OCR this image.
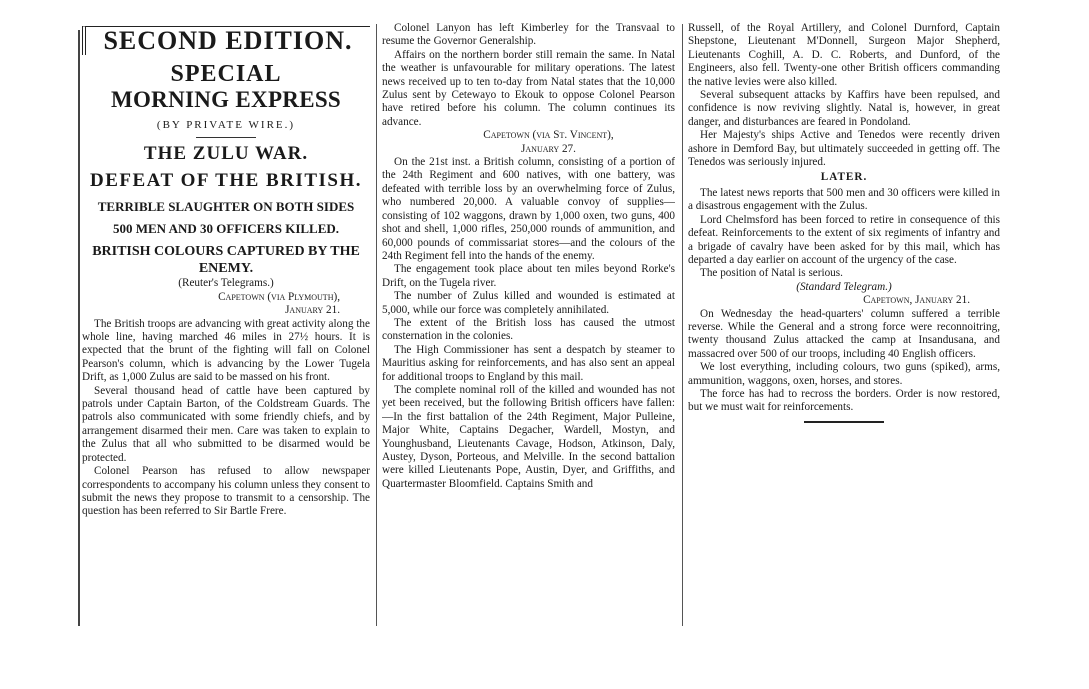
SECOND EDITION.
SPECIAL
MORNING EXPRESS
(BY PRIVATE WIRE.)
THE ZULU WAR.
DEFEAT OF THE BRITISH.
TERRIBLE SLAUGHTER ON BOTH SIDES
500 MEN AND 30 OFFICERS KILLED.
BRITISH COLOURS CAPTURED BY THE ENEMY.

(Reuter's Telegrams.)

Capetown (via Plymouth),

January 21.

The British troops are advancing with great activity along the whole line, having marched 46 miles in 27½ hours. It is expected that the brunt of the fighting will fall on Colonel Pearson's column, which is advancing by the Lower Tugela Drift, as 1,000 Zulus are said to be massed on his front.

Several thousand head of cattle have been captured by patrols under Captain Barton, of the Coldstream Guards. The patrols also communicated with some friendly chiefs, and by arrangement disarmed their men. Care was taken to explain to the Zulus that all who submitted to be disarmed would be protected.

Colonel Pearson has refused to allow newspaper correspondents to accompany his column unless they consent to submit the news they propose to transmit to a censorship. The question has been referred to Sir Bartle Frere.

Colonel Lanyon has left Kimberley for the Transvaal to resume the Governor Generalship.

Affairs on the northern border still remain the same. In Natal the weather is unfavourable for military operations. The latest news received up to ten to-day from Natal states that the 10,000 Zulus sent by Cetewayo to Ekouk to oppose Colonel Pearson have retired before his column. The column continues its advance.

Capetown (via St. Vincent),

January 27.

On the 21st inst. a British column, consisting of a portion of the 24th Regiment and 600 natives, with one battery, was defeated with terrible loss by an overwhelming force of Zulus, who numbered 20,000. A valuable convoy of supplies—consisting of 102 waggons, drawn by 1,000 oxen, two guns, 400 shot and shell, 1,000 rifles, 250,000 rounds of ammunition, and 60,000 pounds of commissariat stores—and the colours of the 24th Regiment fell into the hands of the enemy.

The engagement took place about ten miles beyond Rorke's Drift, on the Tugela river.

The number of Zulus killed and wounded is estimated at 5,000, while our force was completely annihilated.

The extent of the British loss has caused the utmost consternation in the colonies.

The High Commissioner has sent a despatch by steamer to Mauritius asking for reinforcements, and has also sent an appeal for additional troops to England by this mail.

The complete nominal roll of the killed and wounded has not yet been received, but the following British officers have fallen:—In the first battalion of the 24th Regiment, Major Pulleine, Major White, Captains Degacher, Wardell, Mostyn, and Younghusband, Lieutenants Cavage, Hodson, Atkinson, Daly, Austey, Dyson, Porteous, and Melville. In the second battalion were killed Lieutenants Pope, Austin, Dyer, and Griffiths, and Quartermaster Bloomfield. Captains Smith and

Russell, of the Royal Artillery, and Colonel Durnford, Captain Shepstone, Lieutenant M'Donnell, Surgeon Major Shepherd, Lieutenants Coghill, A. D. C. Roberts, and Dunford, of the Engineers, also fell. Twenty-one other British officers commanding the native levies were also killed.

Several subsequent attacks by Kaffirs have been repulsed, and confidence is now reviving slightly. Natal is, however, in great danger, and disturbances are feared in Pondoland.

Her Majesty's ships Active and Tenedos were recently driven ashore in Demford Bay, but ultimately succeeded in getting off. The Tenedos was seriously injured.

LATER.

The latest news reports that 500 men and 30 officers were killed in a disastrous engagement with the Zulus.

Lord Chelmsford has been forced to retire in consequence of this defeat. Reinforcements to the extent of six regiments of infantry and a brigade of cavalry have been asked for by this mail, which has departed a day earlier on account of the urgency of the case.

The position of Natal is serious.

(Standard Telegram.)

Capetown, January 21.

On Wednesday the head-quarters' column suffered a terrible reverse. While the General and a strong force were reconnoitring, twenty thousand Zulus attacked the camp at Insandusana, and massacred over 500 of our troops, including 40 English officers.

We lost everything, including colours, two guns (spiked), arms, ammunition, waggons, oxen, horses, and stores.

The force has had to recross the borders. Order is now restored, but we must wait for reinforcements.
